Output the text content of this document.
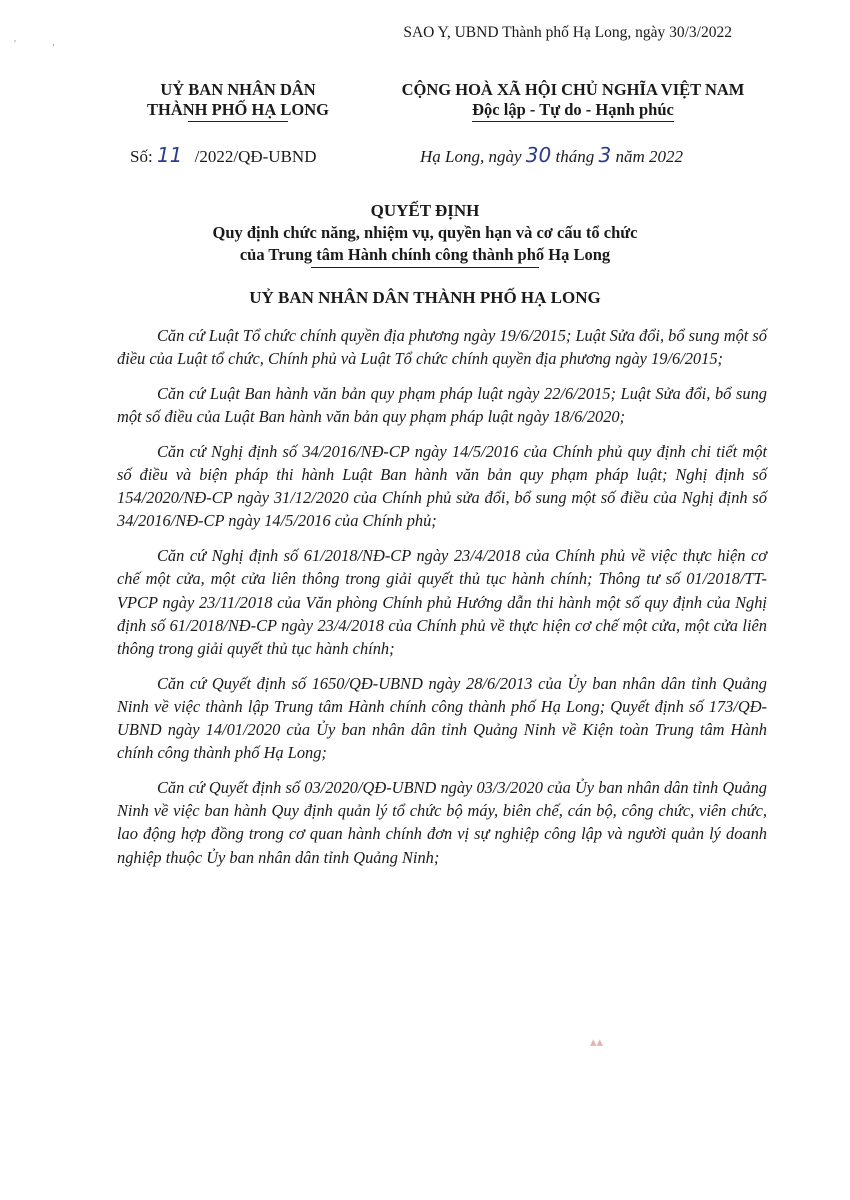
SAO Y, UBND Thành phố Hạ Long, ngày 30/3/2022
'	,
UỶ BAN NHÂN DÂN
THÀNH PHỐ HẠ LONG
CỘNG HOÀ XÃ HỘI CHỦ NGHĨA VIỆT NAM
Độc lập - Tự do - Hạnh phúc
Số: 11 /2022/QĐ-UBND	Hạ Long, ngày 30 tháng 3 năm 2022
QUYẾT ĐỊNH
Quy định chức năng, nhiệm vụ, quyền hạn và cơ cấu tổ chức
của Trung tâm Hành chính công thành phố Hạ Long
UỶ BAN NHÂN DÂN THÀNH PHỐ HẠ LONG

Căn cứ Luật Tổ chức chính quyền địa phương ngày 19/6/2015; Luật Sửa đổi, bổ sung một số điều của Luật tổ chức, Chính phủ và Luật Tổ chức chính quyền địa phương ngày 19/6/2015;

Căn cứ Luật Ban hành văn bản quy phạm pháp luật ngày 22/6/2015; Luật Sửa đổi, bổ sung một số điều của Luật Ban hành văn bản quy phạm pháp luật ngày 18/6/2020;

Căn cứ Nghị định số 34/2016/NĐ-CP ngày 14/5/2016 của Chính phủ quy định chi tiết một số điều và biện pháp thi hành Luật Ban hành văn bản quy phạm pháp luật; Nghị định số 154/2020/NĐ-CP ngày 31/12/2020 của Chính phủ sửa đổi, bổ sung một số điều của Nghị định số 34/2016/NĐ-CP ngày 14/5/2016 của Chính phủ;

Căn cứ Nghị định số 61/2018/NĐ-CP ngày 23/4/2018 của Chính phủ về việc thực hiện cơ chế một cửa, một cửa liên thông trong giải quyết thủ tục hành chính; Thông tư số 01/2018/TT-VPCP ngày 23/11/2018 của Văn phòng Chính phủ Hướng dẫn thi hành một số quy định của Nghị định số 61/2018/NĐ-CP ngày 23/4/2018 của Chính phủ về thực hiện cơ chế một cửa, một cửa liên thông trong giải quyết thủ tục hành chính;

Căn cứ Quyết định số 1650/QĐ-UBND ngày 28/6/2013 của Ủy ban nhân dân tỉnh Quảng Ninh về việc thành lập Trung tâm Hành chính công thành phố Hạ Long; Quyết định số 173/QĐ-UBND ngày 14/01/2020 của Ủy ban nhân dân tỉnh Quảng Ninh về Kiện toàn Trung tâm Hành chính công thành phố Hạ Long;

Căn cứ Quyết định số 03/2020/QĐ-UBND ngày 03/3/2020 của Ủy ban nhân dân tỉnh Quảng Ninh về việc ban hành Quy định quản lý tổ chức bộ máy, biên chế, cán bộ, công chức, viên chức, lao động hợp đồng trong cơ quan hành chính đơn vị sự nghiệp công lập và người quản lý doanh nghiệp thuộc Ủy ban nhân dân tỉnh Quảng Ninh;

▴▴
